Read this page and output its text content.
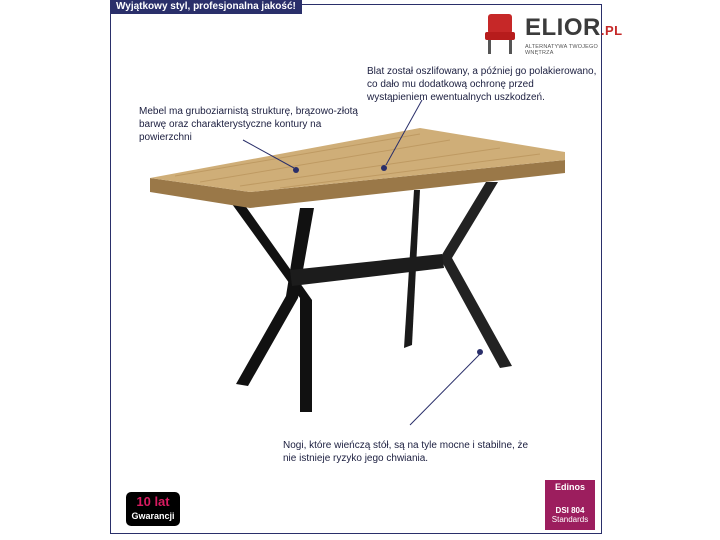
Wyjątkowy styl, profesjonalna jakość!
ELIOR.PL
ALTERNATYWA TWOJEGO WNĘTRZA
Mebel ma gruboziarnistą strukturę, brązowo-złotą barwę oraz charakterystyczne kontury na powierzchni
Blat został oszlifowany, a później go polakierowano, co dało mu dodatkową ochronę przed wystąpieniem ewentualnych uszkodzeń.
Nogi, które wieńczą stół, są na tyle mocne i stabilne, że nie istnieje ryzyko jego chwiania.
10 lat
Gwarancji
Edinos
DSI 804
Standards
